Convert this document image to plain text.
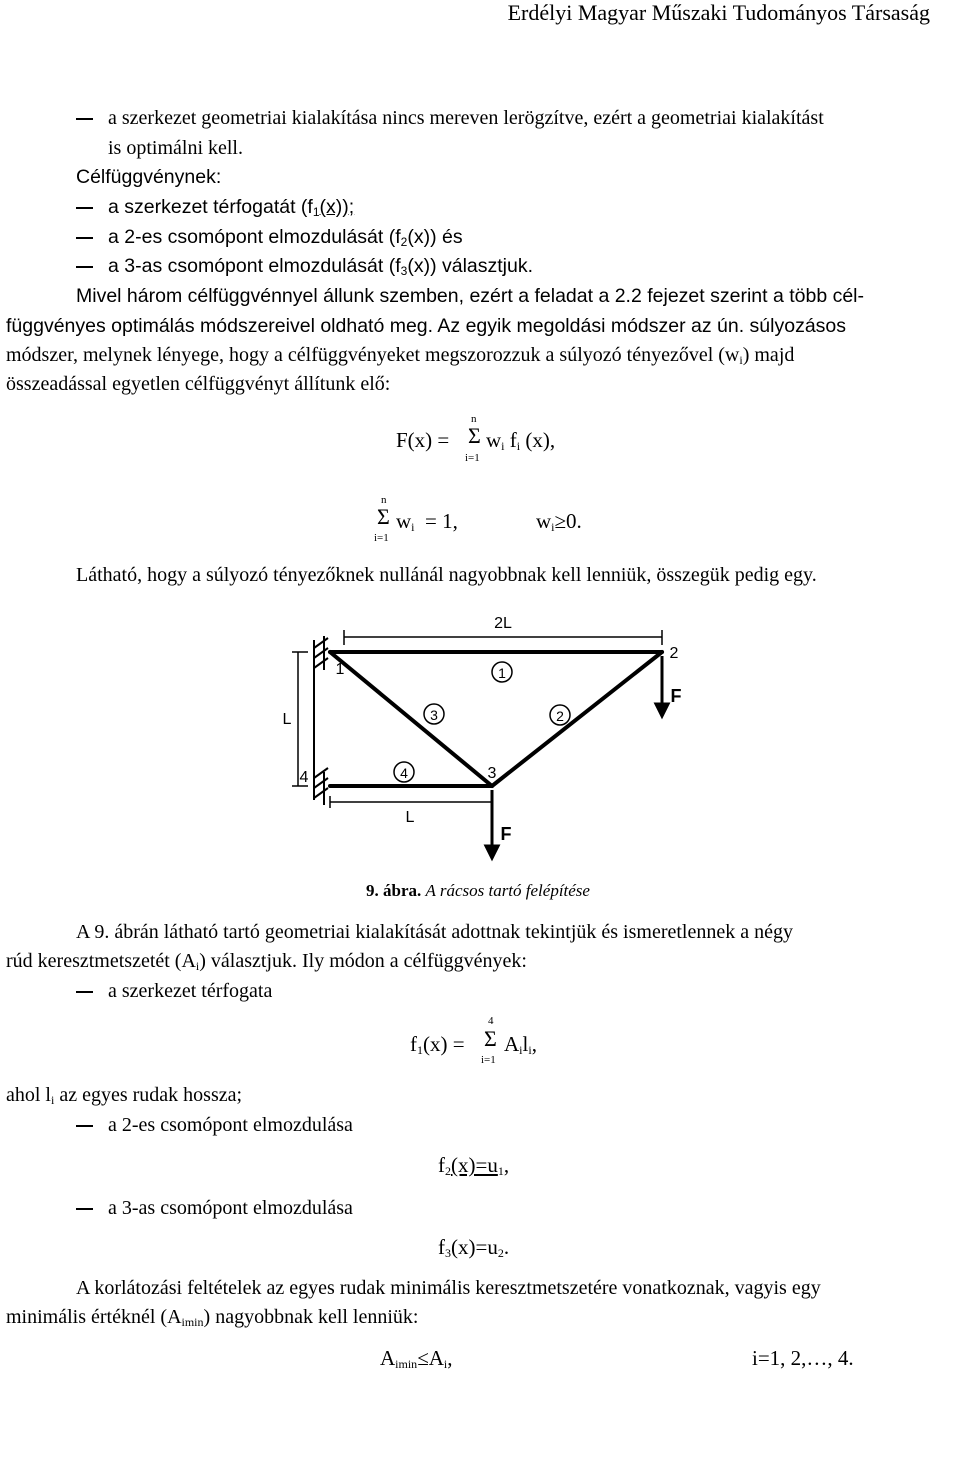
Erdélyi Magyar Műszaki Tudományos Társaság
a szerkezet geometriai kialakítása nincs mereven lerögzítve, ezért a geometriai kialakítást
is optimálni kell.
Célfüggvénynek:
a szerkezet térfogatát $(f_1(x))$;
a 2-es csomópont elmozdulását $(f_2(x))$ és
a 3-as csomópont elmozdulását $(f_3(x))$ választjuk.
Mivel három célfüggvénnyel állunk szemben, ezért a feladat a 2.2 fejezet szerint a több cél-
függvényes optimálás módszereivel oldható meg. Az egyik megoldási módszer az ún. súlyozásos
módszer, melynek lényege, hogy a célfüggvényeket megszorozzuk a súlyozó tényezővel $(w_i)$ majd
összeadással egyetlen célfüggvényt állítunk elő:
F(x) =
n
Σ
i=1
$w_i$ $f_i$ (x),
n
Σ
i=1
$w_i = 1$,	$w_i\ge 0$.
Látható, hogy a súlyozó tényezőknek nullánál nagyobbnak kell lenniük, összegük pedig egy.
2L
L
L
1
2
3
4
1
2
3
4
F
F
9. ábra. A rácsos tartó felépítése
A 9. ábrán látható tartó geometriai kialakítását adottnak tekintjük és ismeretlennek a négy
rúd keresztmetszetét $(A_i)$ választjuk. Ily módon a célfüggvények:
a szerkezet térfogata
4
Σ
i=1
$f_1(x) = A_il_i$,
ahol $l_i$ az egyes rudak hossza;
a 2-es csomópont elmozdulása
$f_2(x)=u_1$,
a 3-as csomópont elmozdulása
$f_3(x)=u_2$.
A korlátozási feltételek az egyes rudak minimális keresztmetszetére vonatkoznak, vagyis egy
minimális értéknél $(A_{imin})$ nagyobbnak kell lenniük:
$A_{imin}\le A_i$,	i=1, 2,…, 4.
